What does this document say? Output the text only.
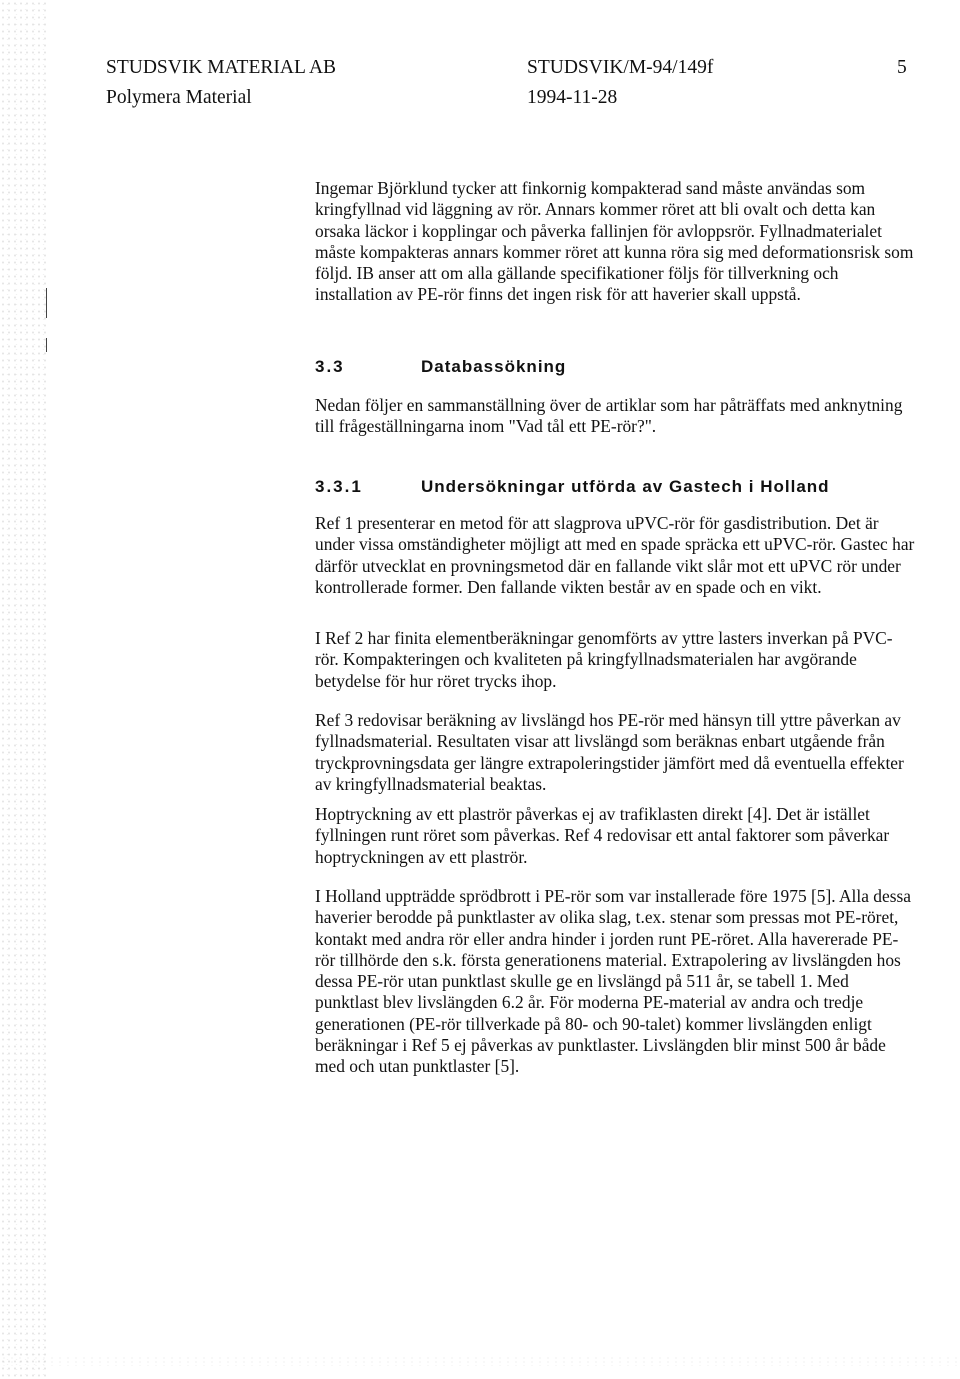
STUDSVIK MATERIAL AB
Polymera Material
STUDSVIK/M-94/149f
1994-11-28
5

Ingemar Björklund tycker att finkornig kompakterad sand måste användas som kringfyllnad vid läggning av rör. Annars kommer röret att bli ovalt och detta kan orsaka läckor i kopplingar och påverka fallinjen för avloppsrör. Fyllnadmaterialet måste kompakteras annars kommer röret att kunna röra sig med deformationsrisk som följd. IB anser att om alla gällande specifikationer följs för tillverkning och installation av PE-rör finns det ingen risk för att haverier skall uppstå.

3.3	Databassökning

Nedan följer en sammanställning över de artiklar som har påträffats med anknytning till frågeställningarna inom "Vad tål ett PE-rör?".

3.3.1	Undersökningar utförda av Gastech i Holland

Ref 1 presenterar en metod för att slagprova uPVC-rör för gasdistribution. Det är under vissa omständigheter möjligt att med en spade spräcka ett uPVC-rör. Gastec har därför utvecklat en provningsmetod där en fallande vikt slår mot ett uPVC rör under kontrollerade former. Den fallande vikten består av en spade och en vikt.

I Ref 2 har finita elementberäkningar genomförts av yttre lasters inverkan på PVC-rör. Kompakteringen och kvaliteten på kringfyllnadsmaterialen har avgörande betydelse för hur röret trycks ihop.

Ref 3 redovisar beräkning av livslängd hos PE-rör med hänsyn till yttre påverkan av fyllnadsmaterial. Resultaten visar att livslängd som beräknas enbart utgående från tryckprovningsdata ger längre extrapoleringstider jämfört med då eventuella effekter av kringfyllnadsmaterial beaktas.

Hoptryckning av ett plaströr påverkas ej av trafiklasten direkt [4]. Det är istället fyllningen runt röret som påverkas. Ref 4 redovisar ett antal faktorer som påverkar hoptryckningen av ett plaströr.

I Holland uppträdde sprödbrott i PE-rör som var installerade före 1975 [5]. Alla dessa haverier berodde på punktlaster av olika slag, t.ex. stenar som pressas mot PE-röret, kontakt med andra rör eller andra hinder i jorden runt PE-röret. Alla havererade PE-rör tillhörde den s.k. första generationens material. Extrapolering av livslängden hos dessa PE-rör utan punktlast skulle ge en livslängd på 511 år, se tabell 1. Med punktlast blev livslängden 6.2 år. För moderna PE-material av andra och tredje generationen (PE-rör tillverkade på 80- och 90-talet) kommer livslängden enligt beräkningar i Ref 5 ej påverkas av punktlaster. Livslängden blir minst 500 år både med och utan punktlaster [5].
